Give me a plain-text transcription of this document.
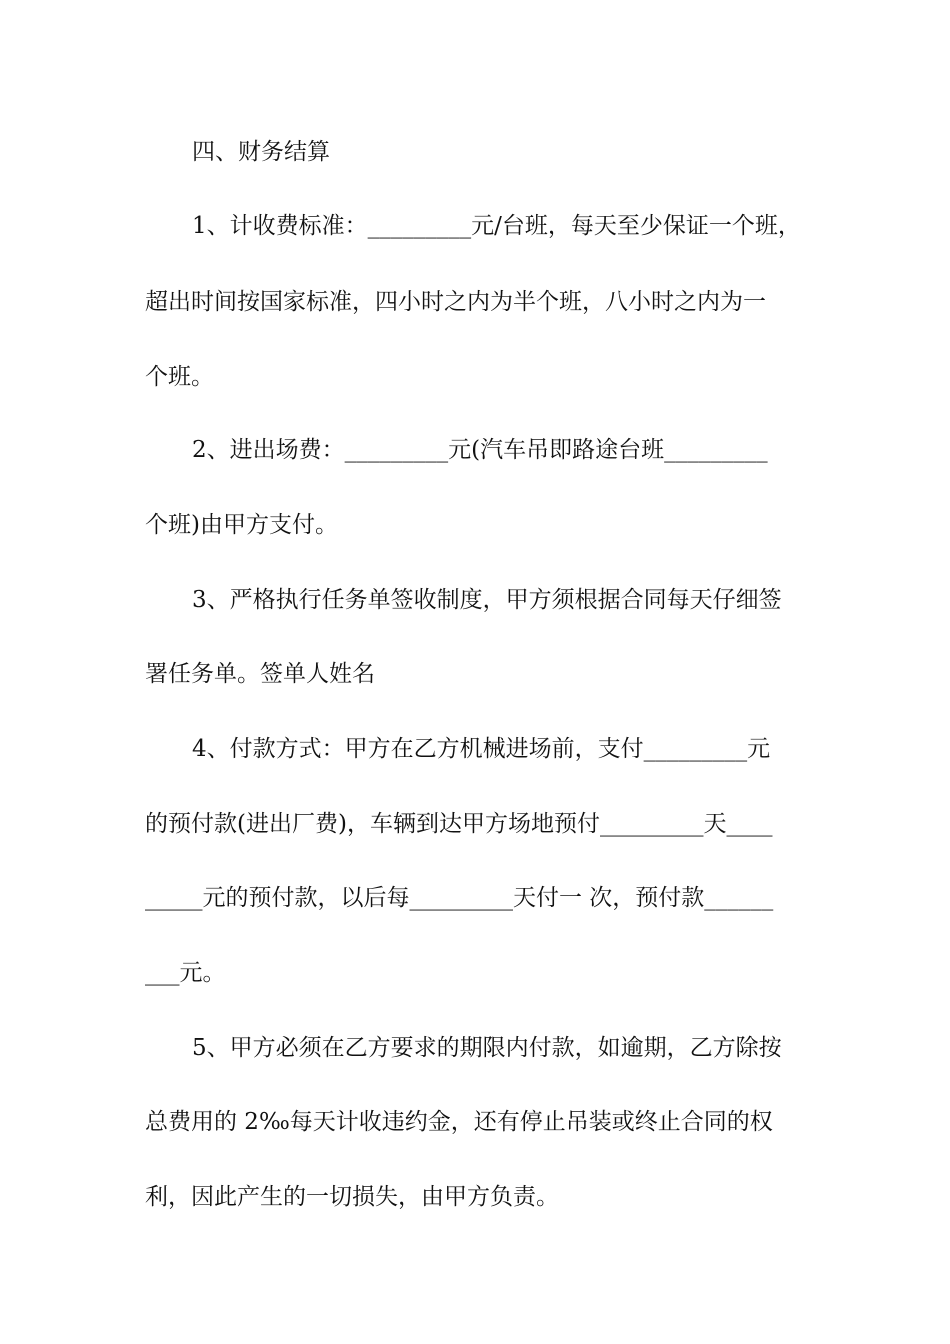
四、财务结算
1、计收费标准：_________元/台班，每天至少保证一个班，
超出时间按国家标准，四小时之内为半个班，八小时之内为一
个班。
2、进出场费：_________元(汽车吊即路途台班_________
个班)由甲方支付。
3、严格执行任务单签收制度，甲方须根据合同每天仔细签
署任务单。签单人姓名
4、付款方式：甲方在乙方机械进场前，支付_________元
的预付款(进出厂费)，车辆到达甲方场地预付_________天____
_____元的预付款，以后每_________天付一 次，预付款______
___元。
5、甲方必须在乙方要求的期限内付款，如逾期，乙方除按
总费用的 2‰每天计收违约金，还有停止吊装或终止合同的权
利，因此产生的一切损失，由甲方负责。
